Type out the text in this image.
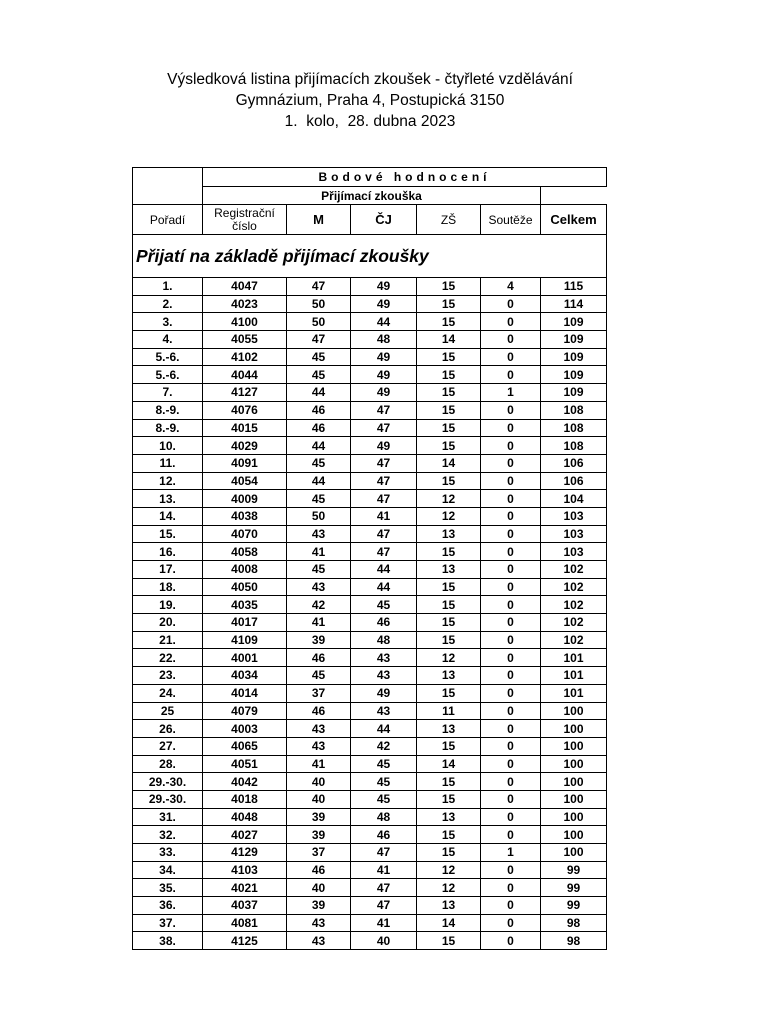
Výsledková listina přijímacích zkoušek - čtyřleté vzdělávání
Gymnázium, Praha 4, Postupická 3150
1.  kolo,  28. dubna 2023
	Bodové hodnocení					
	Přijímací zkouška					
Pořadí	Registrační číslo	M	ČJ	ZŠ	Soutěže	Celkem
Přijatí na základě přijímací zkoušky						
1.	4047	47	49	15	4	115
2.	4023	50	49	15	0	114
3.	4100	50	44	15	0	109
4.	4055	47	48	14	0	109
5.-6.	4102	45	49	15	0	109
5.-6.	4044	45	49	15	0	109
7.	4127	44	49	15	1	109
8.-9.	4076	46	47	15	0	108
8.-9.	4015	46	47	15	0	108
10.	4029	44	49	15	0	108
11.	4091	45	47	14	0	106
12.	4054	44	47	15	0	106
13.	4009	45	47	12	0	104
14.	4038	50	41	12	0	103
15.	4070	43	47	13	0	103
16.	4058	41	47	15	0	103
17.	4008	45	44	13	0	102
18.	4050	43	44	15	0	102
19.	4035	42	45	15	0	102
20.	4017	41	46	15	0	102
21.	4109	39	48	15	0	102
22.	4001	46	43	12	0	101
23.	4034	45	43	13	0	101
24.	4014	37	49	15	0	101
25	4079	46	43	11	0	100
26.	4003	43	44	13	0	100
27.	4065	43	42	15	0	100
28.	4051	41	45	14	0	100
29.-30.	4042	40	45	15	0	100
29.-30.	4018	40	45	15	0	100
31.	4048	39	48	13	0	100
32.	4027	39	46	15	0	100
33.	4129	37	47	15	1	100
34.	4103	46	41	12	0	99
35.	4021	40	47	12	0	99
36.	4037	39	47	13	0	99
37.	4081	43	41	14	0	98
38.	4125	43	40	15	0	98
